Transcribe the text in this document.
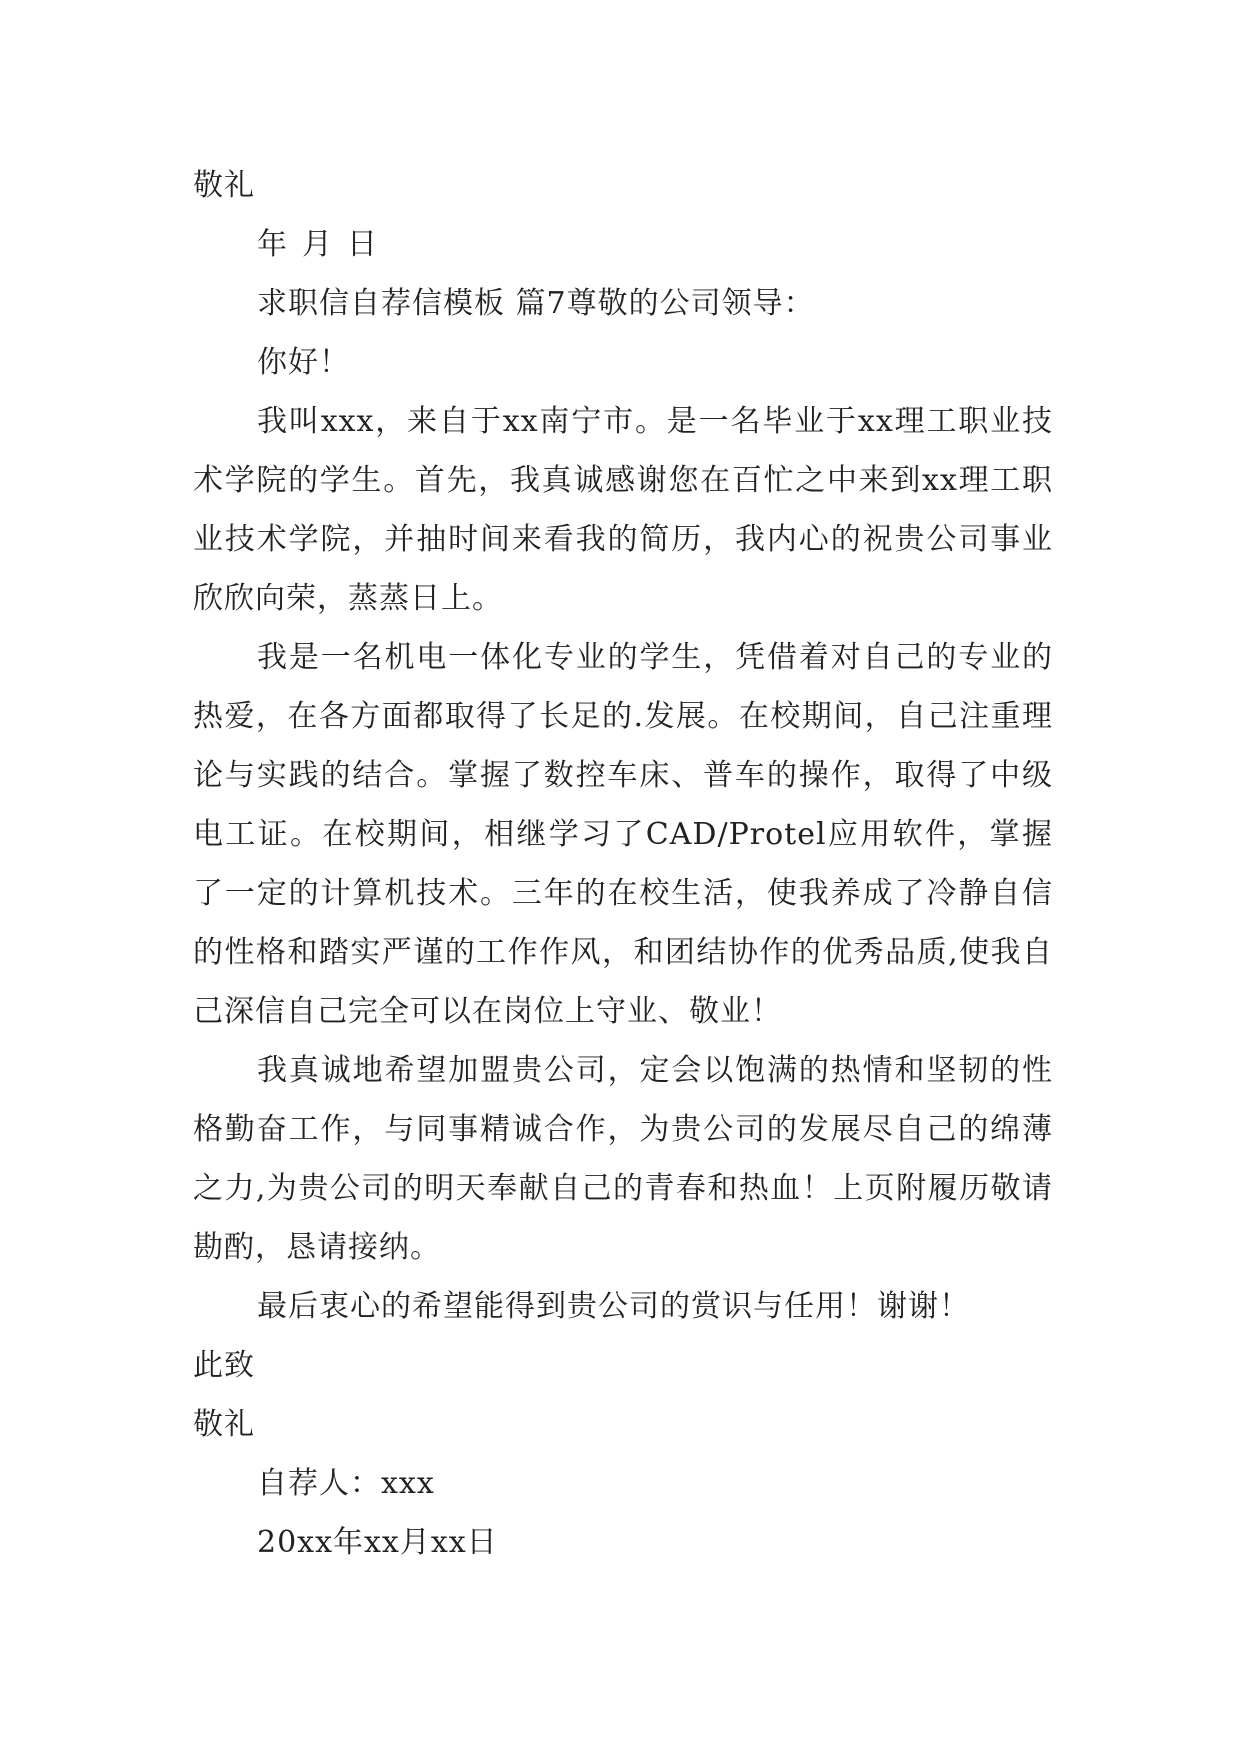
敬礼
年 月 日
求职信自荐信模板 篇7尊敬的公司领导：
你好！
我叫xxx，来自于xx南宁市。是一名毕业于xx理工职业技术学院的学生。首先，我真诚感谢您在百忙之中来到xx理工职业技术学院，并抽时间来看我的简历，我内心的祝贵公司事业欣欣向荣，蒸蒸日上。
我是一名机电一体化专业的学生，凭借着对自己的专业的热爱，在各方面都取得了长足的.发展。在校期间，自己注重理论与实践的结合。掌握了数控车床、普车的操作，取得了中级电工证。在校期间，相继学习了CAD/Protel应用软件，掌握了一定的计算机技术。三年的在校生活，使我养成了冷静自信的性格和踏实严谨的工作作风，和团结协作的优秀品质,使我自己深信自己完全可以在岗位上守业、敬业！
我真诚地希望加盟贵公司，定会以饱满的热情和坚韧的性格勤奋工作，与同事精诚合作，为贵公司的发展尽自己的绵薄之力,为贵公司的明天奉献自己的青春和热血！上页附履历敬请勘酌，恳请接纳。
最后衷心的希望能得到贵公司的赏识与任用！谢谢！
此致
敬礼
自荐人：xxx
20xx年xx月xx日
